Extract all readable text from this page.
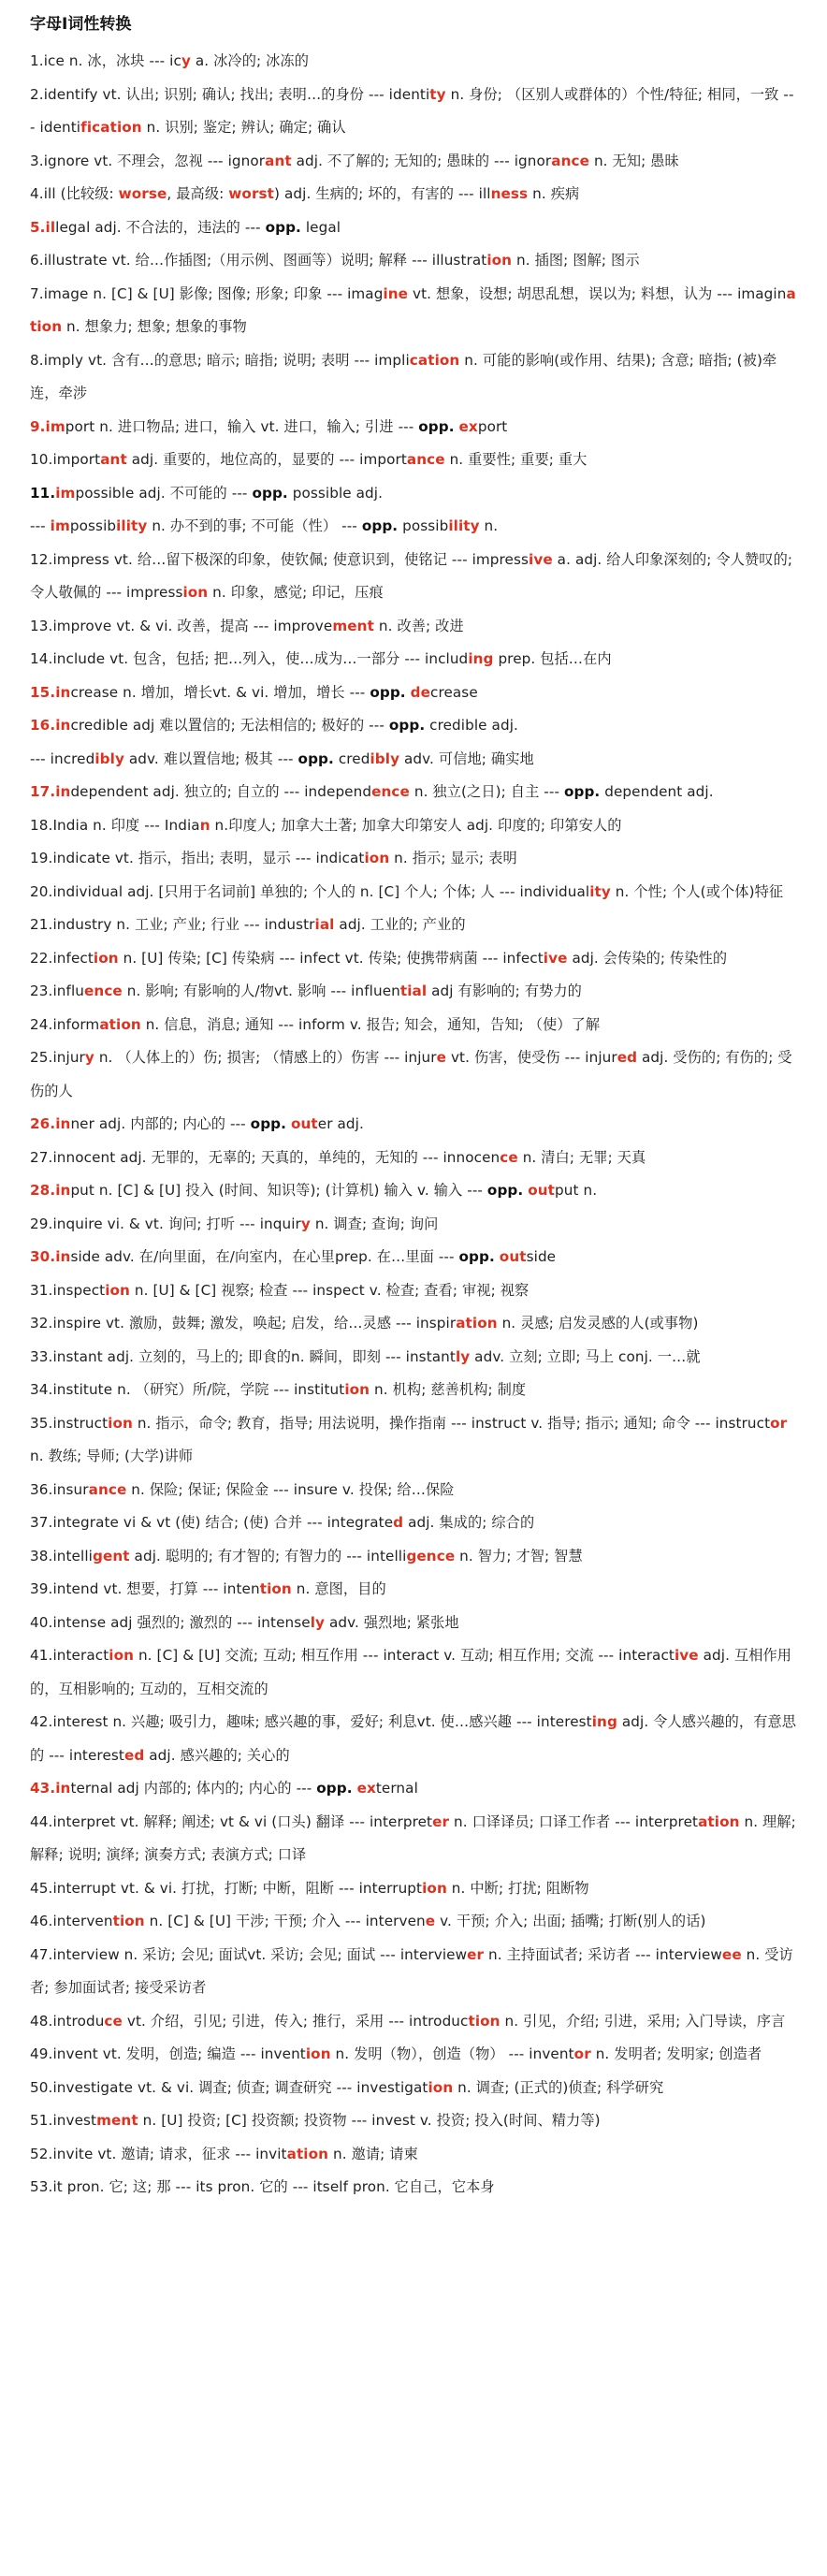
字母I词性转换

1.ice n. 冰，冰块 --- icy a. 冰冷的; 冰冻的

2.identify vt. 认出; 识别; 确认; 找出; 表明…的身份 --- identity n. 身份; （区别人或群体的）个性/特征; 相同，一致 --- identification n. 识别; 鉴定; 辨认; 确定; 确认

3.ignore vt. 不理会，忽视 --- ignorant adj. 不了解的; 无知的; 愚昧的 --- ignorance n. 无知; 愚昧

4.ill (比较级: worse, 最高级: worst) adj. 生病的; 坏的，有害的 --- illness n. 疾病

5.illegal adj. 不合法的，违法的 --- opp. legal

6.illustrate vt. 给…作插图;（用示例、图画等）说明; 解释 --- illustration n. 插图; 图解; 图示

7.image n. [C] & [U] 影像; 图像; 形象; 印象 --- imagine vt. 想象，设想; 胡思乱想，误以为; 料想，认为 --- imagination n. 想象力; 想象; 想象的事物

8.imply vt. 含有…的意思; 暗示; 暗指; 说明; 表明 --- implication n. 可能的影响(或作用、结果); 含意; 暗指; (被)牵连，牵涉

9.import n. 进口物品; 进口，输入 vt. 进口，输入; 引进 --- opp. export

10.important adj. 重要的，地位高的，显要的 --- importance n. 重要性; 重要; 重大

11.impossible adj. 不可能的 --- opp. possible adj.

--- impossibility n. 办不到的事; 不可能（性） --- opp. possibility n.

12.impress vt. 给…留下极深的印象，使钦佩; 使意识到，使铭记 --- impressive a. adj. 给人印象深刻的; 令人赞叹的; 令人敬佩的 --- impression n. 印象，感觉; 印记，压痕

13.improve vt. & vi. 改善，提高 --- improvement n. 改善; 改进

14.include vt. 包含，包括; 把…列入，使…成为…一部分 --- including prep. 包括…在内

15.increase n. 增加，增长vt. & vi. 增加，增长 --- opp. decrease

16.incredible adj 难以置信的; 无法相信的; 极好的 --- opp. credible adj.

--- incredibly adv. 难以置信地; 极其 --- opp. credibly adv. 可信地; 确实地

17.independent adj. 独立的; 自立的 --- independence n. 独立(之日); 自主 --- opp. dependent adj.

18.India n. 印度 --- Indian n.印度人; 加拿大土著; 加拿大印第安人 adj. 印度的; 印第安人的

19.indicate vt. 指示，指出; 表明，显示 --- indication n. 指示; 显示; 表明

20.individual adj. [只用于名词前] 单独的; 个人的 n. [C] 个人; 个体; 人 --- individuality n. 个性; 个人(或个体)特征

21.industry n. 工业; 产业; 行业 --- industrial adj. 工业的; 产业的

22.infection n. [U] 传染; [C] 传染病 --- infect vt. 传染; 使携带病菌 --- infective adj. 会传染的; 传染性的

23.influence n. 影响; 有影响的人/物vt. 影响 --- influential adj 有影响的; 有势力的

24.information n. 信息，消息; 通知 --- inform v. 报告; 知会，通知，告知; （使）了解

25.injury n. （人体上的）伤; 损害; （情感上的）伤害 --- injure vt. 伤害，使受伤 --- injured adj. 受伤的; 有伤的; 受伤的人

26.inner adj. 内部的; 内心的 --- opp. outer adj.

27.innocent adj. 无罪的，无辜的; 天真的，单纯的，无知的 --- innocence n. 清白; 无罪; 天真

28.input n. [C] & [U] 投入 (时间、知识等); (计算机) 输入 v. 输入 --- opp. output n.

29.inquire vi. & vt. 询问; 打听 --- inquiry n. 调查; 查询; 询问

30.inside adv. 在/向里面，在/向室内，在心里prep. 在…里面 --- opp. outside

31.inspection n. [U] & [C] 视察; 检查 --- inspect v. 检查; 查看; 审视; 视察

32.inspire vt. 激励，鼓舞; 激发，唤起; 启发，给…灵感 --- inspiration n. 灵感; 启发灵感的人(或事物)

33.instant adj. 立刻的，马上的; 即食的n. 瞬间，即刻 --- instantly adv. 立刻; 立即; 马上 conj. 一…就

34.institute n. （研究）所/院，学院 --- institution n. 机构; 慈善机构; 制度

35.instruction n. 指示，命令; 教育，指导; 用法说明，操作指南 --- instruct v. 指导; 指示; 通知; 命令 --- instructor n. 教练; 导师; (大学)讲师

36.insurance n. 保险; 保证; 保险金 --- insure v. 投保; 给…保险

37.integrate vi & vt (使) 结合; (使) 合并 --- integrated adj. 集成的; 综合的

38.intelligent adj. 聪明的; 有才智的; 有智力的 --- intelligence n. 智力; 才智; 智慧

39.intend vt. 想要，打算 --- intention n. 意图，目的

40.intense adj 强烈的; 激烈的 --- intensely adv. 强烈地; 紧张地

41.interaction n. [C] & [U] 交流; 互动; 相互作用 --- interact v. 互动; 相互作用; 交流 --- interactive adj. 互相作用的，互相影响的; 互动的，互相交流的

42.interest n. 兴趣; 吸引力，趣味; 感兴趣的事，爱好; 利息vt. 使…感兴趣 --- interesting adj. 令人感兴趣的，有意思的 --- interested adj. 感兴趣的; 关心的

43.internal adj 内部的; 体内的; 内心的 --- opp. external

44.interpret vt. 解释; 阐述; vt & vi (口头) 翻译 --- interpreter n. 口译译员; 口译工作者 --- interpretation n. 理解; 解释; 说明; 演绎; 演奏方式; 表演方式; 口译

45.interrupt vt. & vi. 打扰，打断; 中断，阻断 --- interruption n. 中断; 打扰; 阻断物

46.intervention n. [C] & [U] 干涉; 干预; 介入 --- intervene v. 干预; 介入; 出面; 插嘴; 打断(别人的话)

47.interview n. 采访; 会见; 面试vt. 采访; 会见; 面试 --- interviewer n. 主持面试者; 采访者 --- interviewee n. 受访者; 参加面试者; 接受采访者

48.introduce vt. 介绍，引见; 引进，传入; 推行，采用 --- introduction n. 引见，介绍; 引进，采用; 入门导读，序言

49.invent vt. 发明，创造; 编造 --- invention n. 发明（物），创造（物） --- inventor n. 发明者; 发明家; 创造者

50.investigate vt. & vi. 调查; 侦查; 调查研究 --- investigation n. 调查; (正式的)侦查; 科学研究

51.investment n. [U] 投资; [C] 投资额; 投资物 --- invest v. 投资; 投入(时间、精力等)

52.invite vt. 邀请; 请求，征求 --- invitation n. 邀请; 请柬

53.it pron. 它; 这; 那 --- its pron. 它的 --- itself pron. 它自己，它本身
